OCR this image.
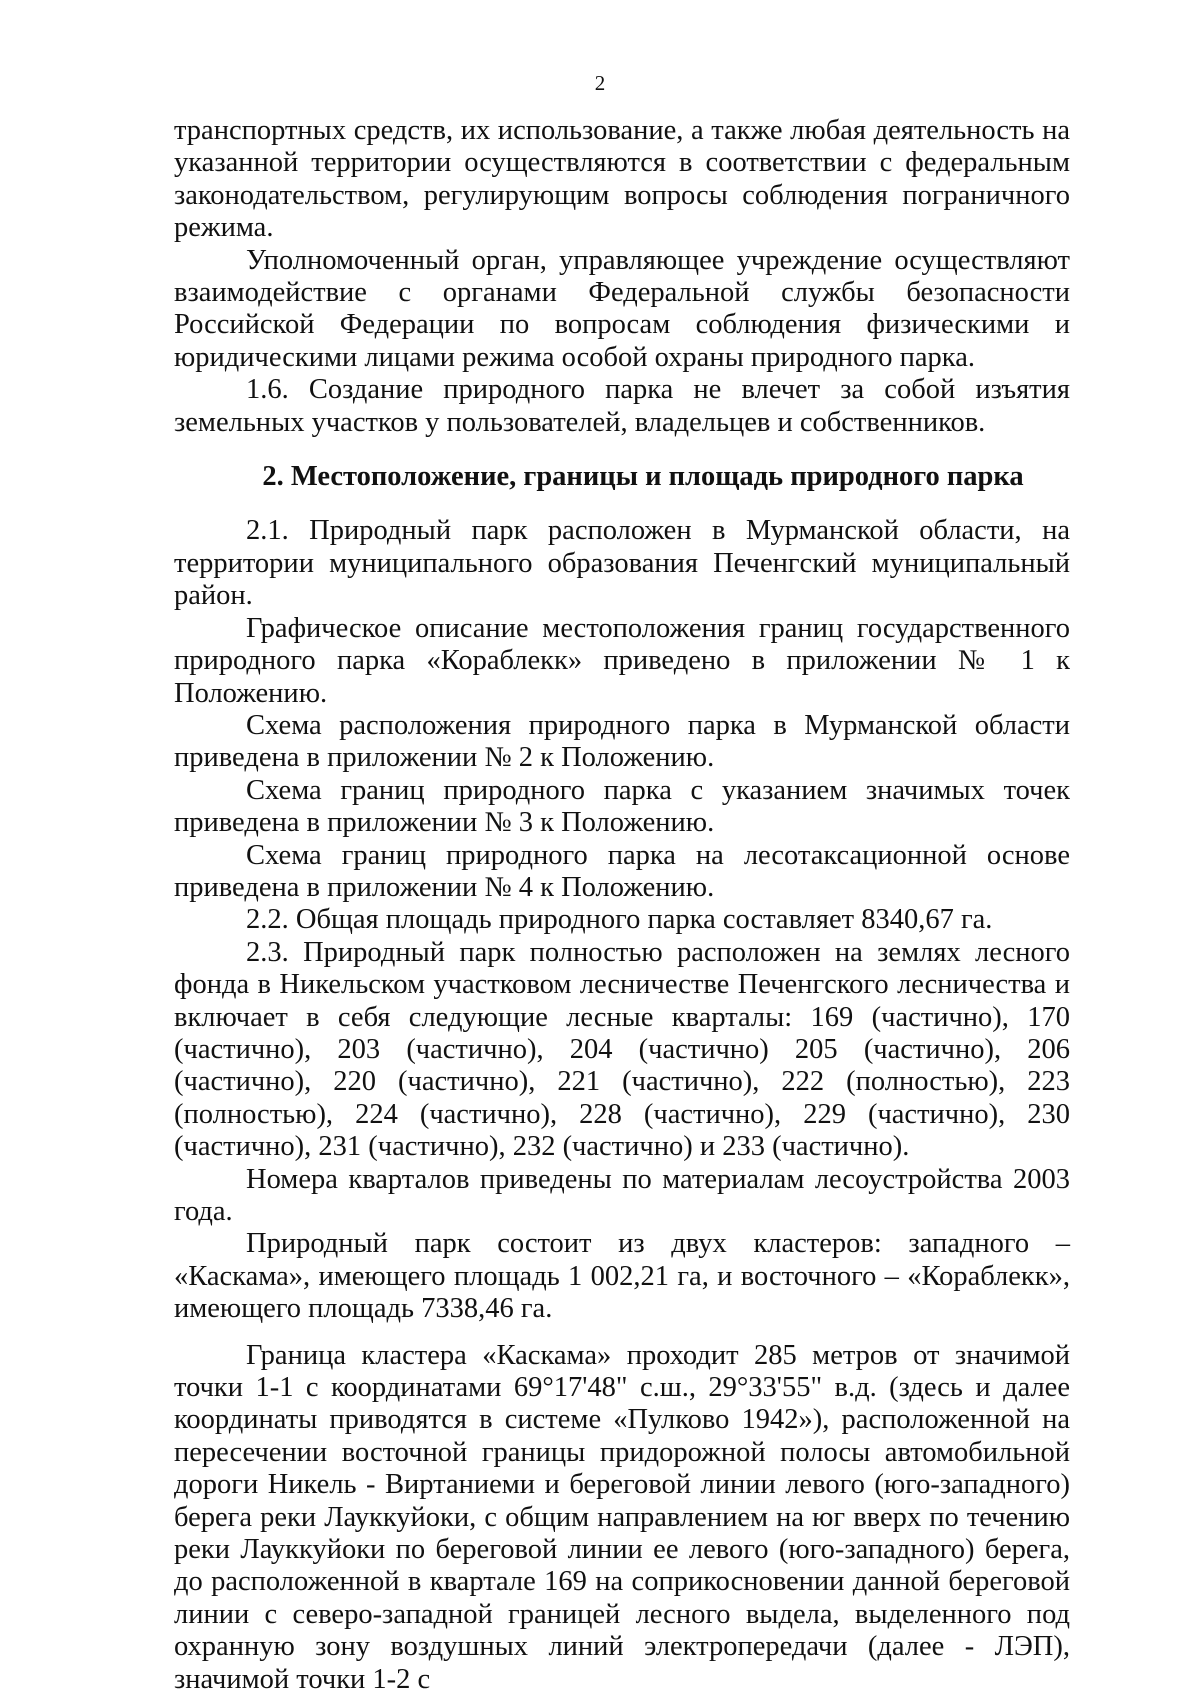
2

транспортных средств, их использование, а также любая деятельность на указанной территории осуществляются в соответствии с федеральным законодательством, регулирующим вопросы соблюдения пограничного режима.

Уполномоченный орган, управляющее учреждение осуществляют взаимодействие с органами Федеральной службы безопасности Российской Федерации по вопросам соблюдения физическими и юридическими лицами режима особой охраны природного парка.

1.6. Создание природного парка не влечет за собой изъятия земельных участков у пользователей, владельцев и собственников.

2. Местоположение, границы и площадь природного парка

2.1. Природный парк расположен в Мурманской области, на территории муниципального образования Печенгский муниципальный район.

Графическое описание местоположения границ государственного природного парка «Кораблекк» приведено в приложении № 1 к Положению.

Схема расположения природного парка в Мурманской области приведена в приложении № 2 к Положению.

Схема границ природного парка с указанием значимых точек приведена в приложении № 3 к Положению.

Схема границ природного парка на лесотаксационной основе приведена в приложении № 4 к Положению.

2.2. Общая площадь природного парка составляет 8340,67 га.

2.3. Природный парк полностью расположен на землях лесного фонда в Никельском участковом лесничестве Печенгского лесничества и включает в себя следующие лесные кварталы: 169 (частично), 170 (частично), 203 (частично), 204 (частично) 205 (частично), 206 (частично), 220 (частично), 221 (частично), 222 (полностью), 223 (полностью), 224 (частично), 228 (частично), 229 (частично), 230 (частично), 231 (частично), 232 (частично) и 233 (частично).

Номера кварталов приведены по материалам лесоустройства 2003 года.

Природный парк состоит из двух кластеров: западного – «Каскама», имеющего площадь 1 002,21 га, и восточного – «Кораблекк», имеющего площадь 7338,46 га.

Граница кластера «Каскама» проходит 285 метров от значимой точки 1-1 с координатами 69°17'48" с.ш., 29°33'55" в.д. (здесь и далее координаты приводятся в системе «Пулково 1942»), расположенной на пересечении восточной границы придорожной полосы автомобильной дороги Никель - Виртаниеми и береговой линии левого (юго-западного) берега реки Лауккуйоки, с общим направлением на юг вверх по течению реки Лауккуйоки по береговой линии ее левого (юго-западного) берега, до расположенной в квартале 169 на соприкосновении данной береговой линии с северо-западной границей лесного выдела, выделенного под охранную зону воздушных линий электропередачи (далее - ЛЭП), значимой точки 1-2 с
